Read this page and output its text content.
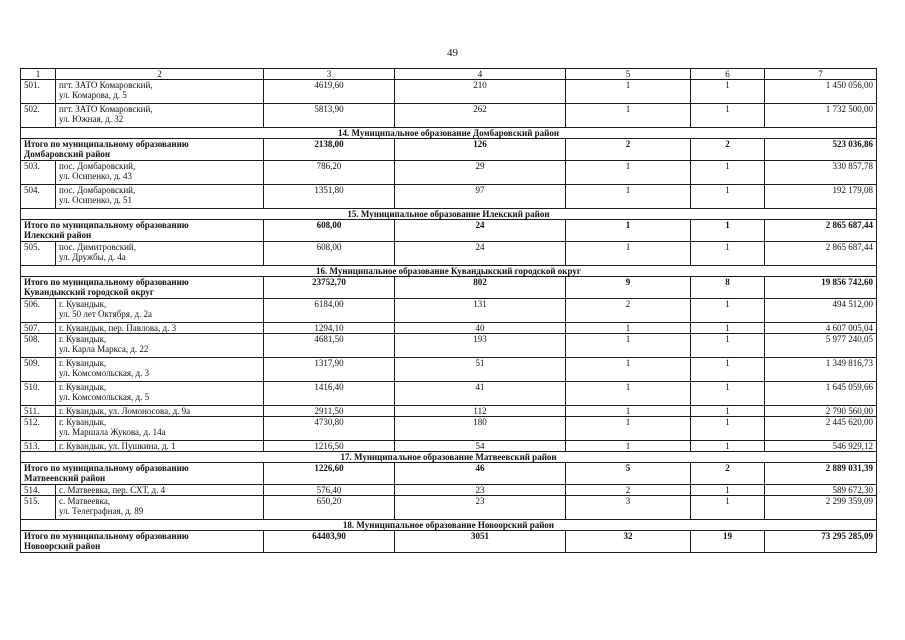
49
1	2	3	4	5	6	7
501.	пгт. ЗАТО Комаровский,
ул. Комарова, д. 5	4619,60	210	1	1	1 450 056,00
502.	пгт. ЗАТО Комаровский,
ул. Южная, д. 32	5813,90	262	1	1	1 732 500,00
14. Муниципальное образование Домбаровский район						

Итого по муниципальному образованию
Домбаровский район		2138,00	126	2	2	523 036,86
503.	пос. Домбаровский,
ул. Осипенко, д. 43	786,20	29	1	1	330 857,78
504.	пос. Домбаровский,
ул. Осипенко, д. 51	1351,80	97	1	1	192 179,08
15. Муниципальное образование Илекский район						

Итого по муниципальному образованию
Илекский район		608,00	24	1	1	2 865 687,44
505.	пос. Димитровский,
ул. Дружбы, д. 4а	608,00	24	1	1	2 865 687,44
16. Муниципальное образование Кувандыкский городской округ						

Итого по муниципальному образованию
Кувандыкский городской округ		23752,70	802	9	8	19 856 742,60
506.	г. Кувандык,
ул. 50 лет Октября, д. 2а	6184,00	131	2	1	494 512,00
507.	г. Кувандык, пер. Павлова, д. 3	1294,10	40	1	1	4 607 005,04
508.	г. Кувандык,
ул. Карла Маркса, д. 22	4681,50	193	1	1	5 977 240,05
509.	г. Кувандык,
ул. Комсомольская, д. 3	1317,90	51	1	1	1 349 816,73
510.	г. Кувандык,
ул. Комсомольская, д. 5	1416,40	41	1	1	1 645 059,66
511.	г. Кувандык, ул. Ломоносова, д. 9а	2911,50	112	1	1	2 790 560,00
512.	г. Кувандык,
ул. Маршала Жукова, д. 14а	4730,80	180	1	1	2 445 620,00
513.	г. Кувандык, ул. Пушкина, д. 1	1216,50	54	1	1	546 929,12
17. Муниципальное образование Матвеевский район						

Итого по муниципальному образованию
Матвеевский район		1226,60	46	5	2	2 889 031,39
514.	с. Матвеевка, пер. СХТ, д. 4	576,40	23	2	1	589 672,30
515.	с. Матвеевка,
ул. Телеграфная, д. 89	650,20	23	3	1	2 299 359,09
18. Муниципальное образование Новоорский район						

Итого по муниципальному образованию
Новоорский район		64403,90	3051	32	19	73 295 285,09
